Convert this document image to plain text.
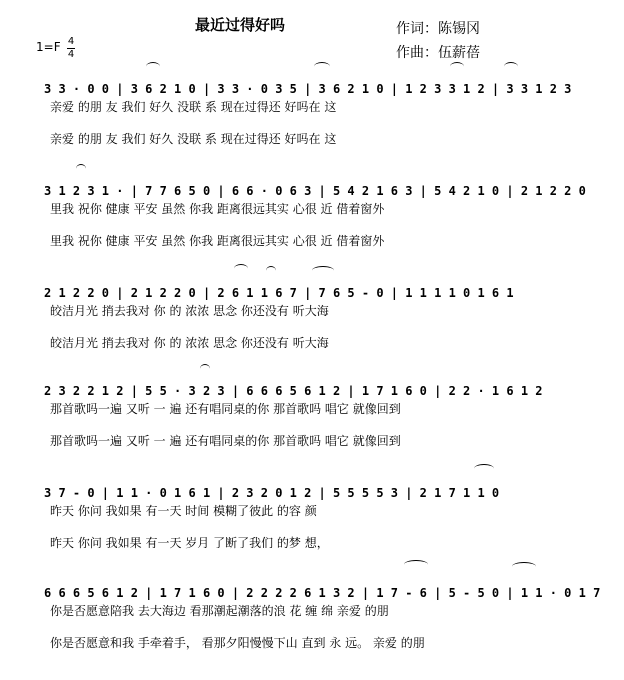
最近过得好吗	作词：陈锡冈
作曲：伍薪蓓
1=F 4
4
3 3 · 0 0 | 3 6 2 1 0 | 3 3 · 0 3 5 | 3 6 2 1 0 | 1 2 3 3 1 2 | 3 3 1 2 3
亲爱 的朋 友 我们 好久 没联 系 现在过得还 好吗在 这
亲爱 的朋 友 我们 好久 没联 系 现在过得还 好吗在 这
3 1 2 3 1 · | 7 7 6 5 0 | 6 6 · 0 6 3 | 5 4 2 1 6 3 | 5 4 2 1 0 | 2 1 2 2 0
里我 祝你 健康 平安 虽然 你我 距离很远其实 心很 近 借着窗外
里我 祝你 健康 平安 虽然 你我 距离很远其实 心很 近 借着窗外
2 1 2 2 0 | 2 1 2 2 0 | 2 6 1 1 6 7 | 7 6 5 - 0 | 1 1 1 1 0 1 6 1
皎洁月光 捎去我对 你 的 浓浓 思念 你还没有 听大海
皎洁月光 捎去我对 你 的 浓浓 思念 你还没有 听大海
2 3 2 2 1 2 | 5 5 · 3 2 3 | 6 6 6 5 6 1 2 | 1 7 1 6 0 | 2 2 · 1 6 1 2
那首歌吗一遍 又听 一 遍 还有唱同桌的你 那首歌吗 唱它 就像回到
那首歌吗一遍 又听 一 遍 还有唱同桌的你 那首歌吗 唱它 就像回到
3 7 - 0 | 1 1 · 0 1 6 1 | 2 3 2 0 1 2 | 5 5 5 5 3 | 2 1 7 1 1 0
昨天 你问 我如果 有一天 时间 模糊了彼此 的容 颜
昨天 你问 我如果 有一天 岁月 了断了我们 的梦 想，
6 6 6 5 6 1 2 | 1 7 1 6 0 | 2 2 2 2 6 1 3 2 | 1 7 - 6 | 5 - 5 0 | 1 1 · 0 1 7
你是否愿意陪我 去大海边 看那潮起潮落的浪 花 缠 绵 亲爱 的朋
你是否愿意和我 手牵着手， 看那夕阳慢慢下山 直到 永 远。 亲爱 的朋
